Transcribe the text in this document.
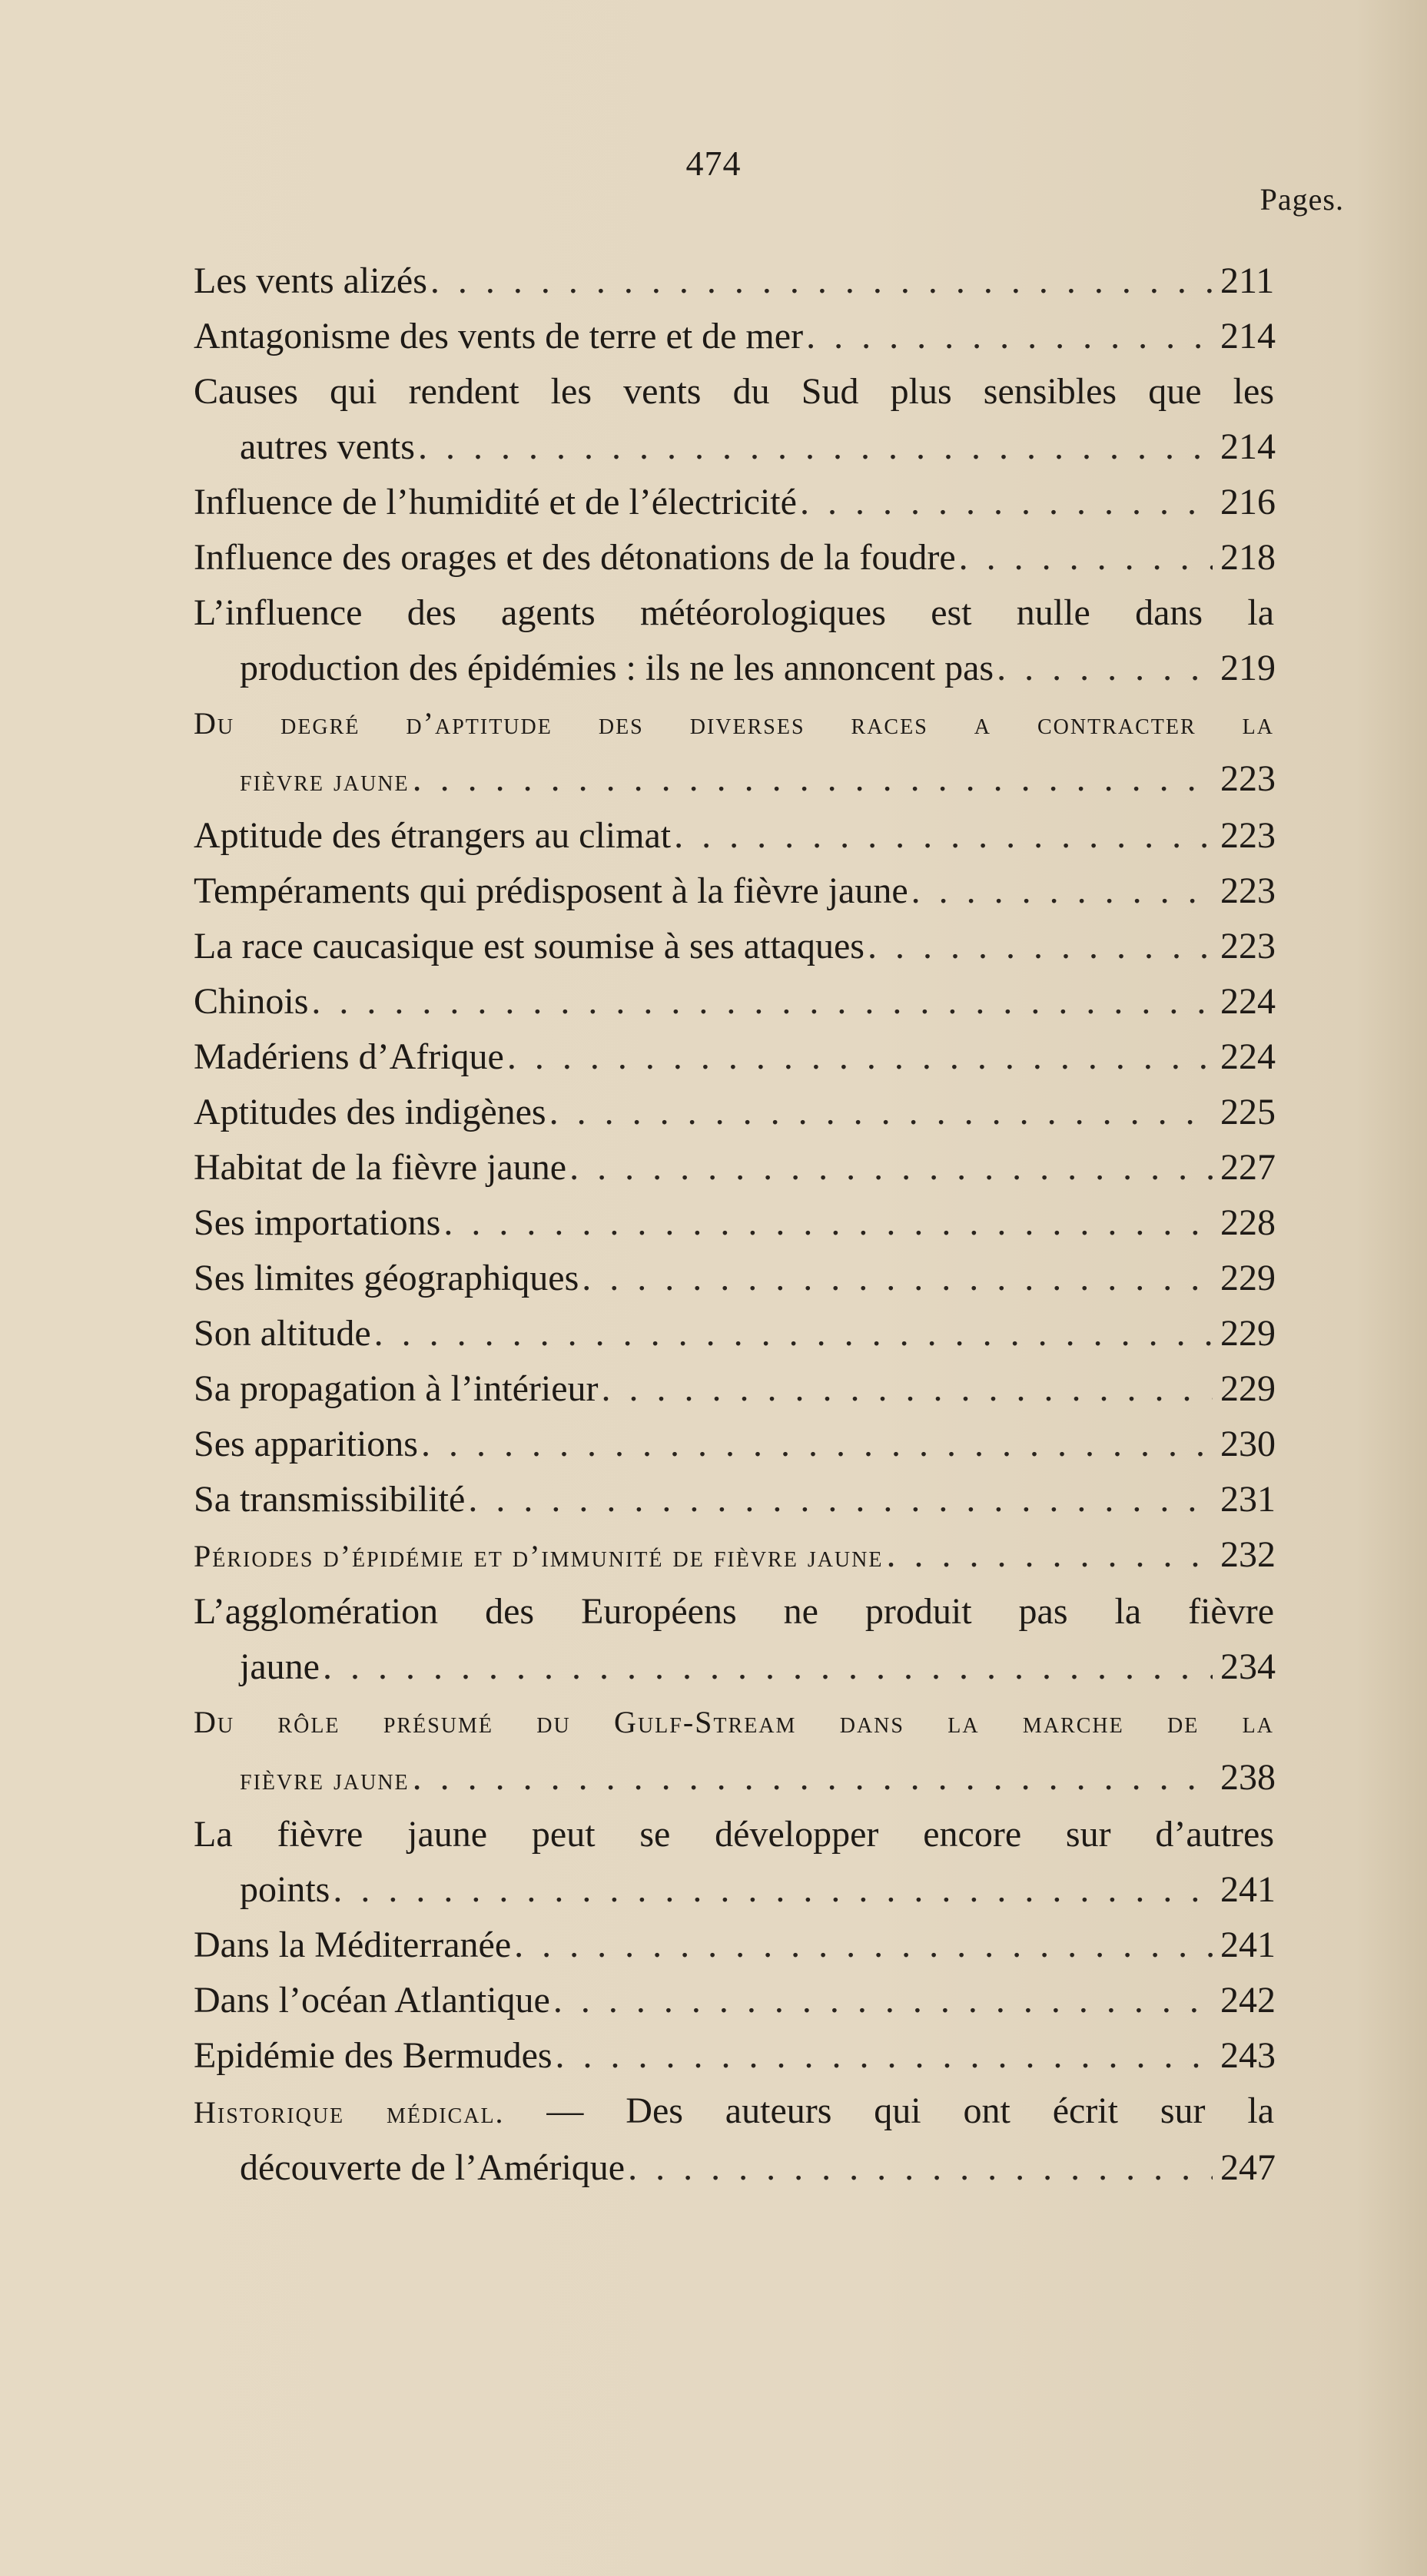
474
Pages.
Les vents alizés . . .	211
Antagonisme des vents de terre et de mer . . .	214
Causes qui rendent les vents du Sud plus sensibles que les
autres vents . . .	214
Influence de l’humidité et de l’électricité . . .	216
Influence des orages et des détonations de la foudre . . .	218
L’influence des agents météorologiques est nulle dans la
production des épidémies : ils ne les annoncent pas . . .	219
Du degré d’aptitude des diverses races a contracter la
fièvre jaune . . .	223
Aptitude des étrangers au climat . . .	223
Tempéraments qui prédisposent à la fièvre jaune . . .	223
La race caucasique est soumise à ses attaques . . .	223
Chinois . . .	224
Madériens d’Afrique . . .	224
Aptitudes des indigènes . . .	225
Habitat de la fièvre jaune . . .	227
Ses importations . . .	228
Ses limites géographiques . . .	229
Son altitude . . .	229
Sa propagation à l’intérieur . . .	229
Ses apparitions . . .	230
Sa transmissibilité . . .	231
Périodes d’épidémie et d’immunité de fièvre jaune . . .	232
L’agglomération des Européens ne produit pas la fièvre
jaune . . .	234
Du rôle présumé du Gulf-Stream dans la marche de la
fièvre jaune . . .	238
La fièvre jaune peut se développer encore sur d’autres
points . . .	241
Dans la Méditerranée . . .	241
Dans l’océan Atlantique . . .	242
Epidémie des Bermudes . . .	243
Historique médical. — Des auteurs qui ont écrit sur la
découverte de l’Amérique . . .	247
